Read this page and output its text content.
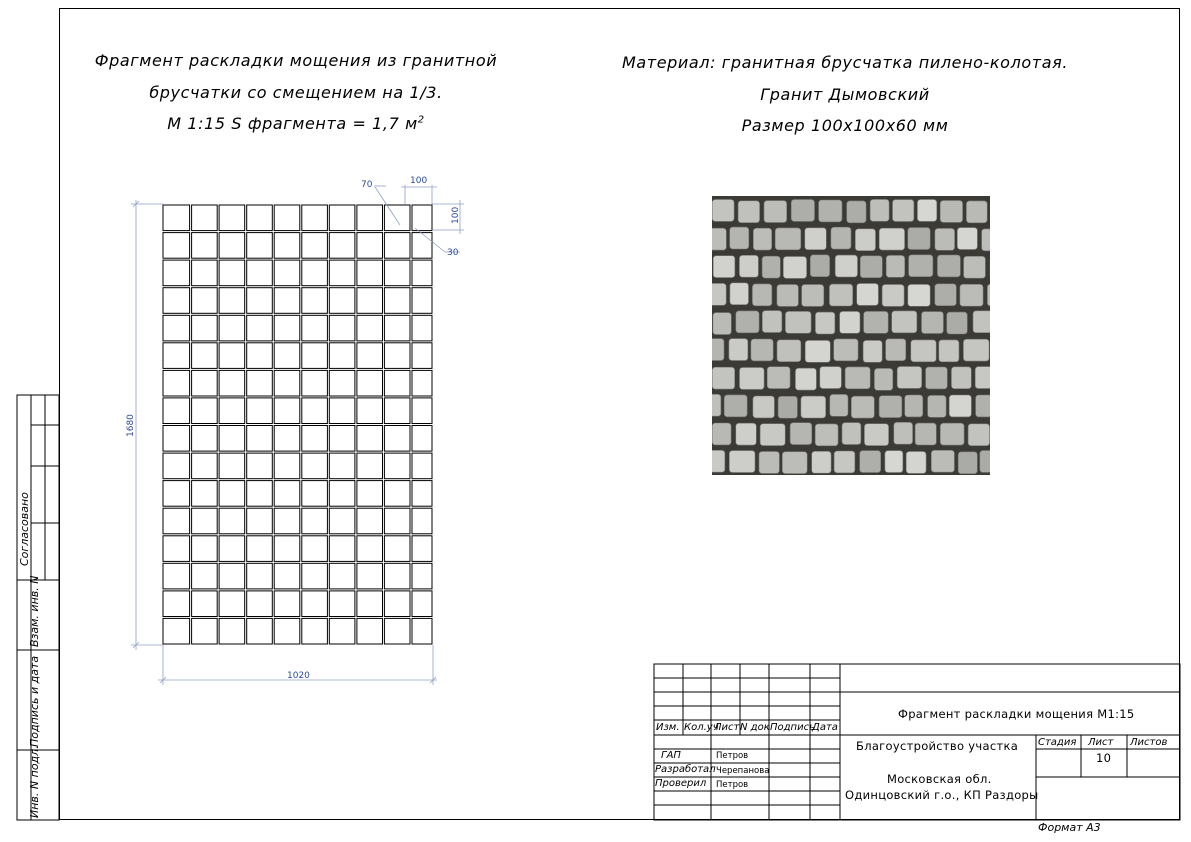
Фрагмент раскладки мощения из гранитной
брусчатки со смещением на 1/3.
М 1:15 S фрагмента = 1,7 $м^2$
Материал: гранитная брусчатка пилено-колотая.
Гранит Дымовский
Размер 100х100х60 мм
70	100
100
30
1680
1020
Согласовано
Взам. инв. N
Подпись и дата
Инв. N подл.
Изм. Кол.уч
Лист N док Подпись
Дата
ГАП	Петров
Разработал Черепанова
Проверил Петров
Фрагмент раскладки мощения М1:15
Благоустройство участка
Московская обл.
Одинцовский г.о., КП Раздоры
Стадия Лист Листов
10
Формат А3
